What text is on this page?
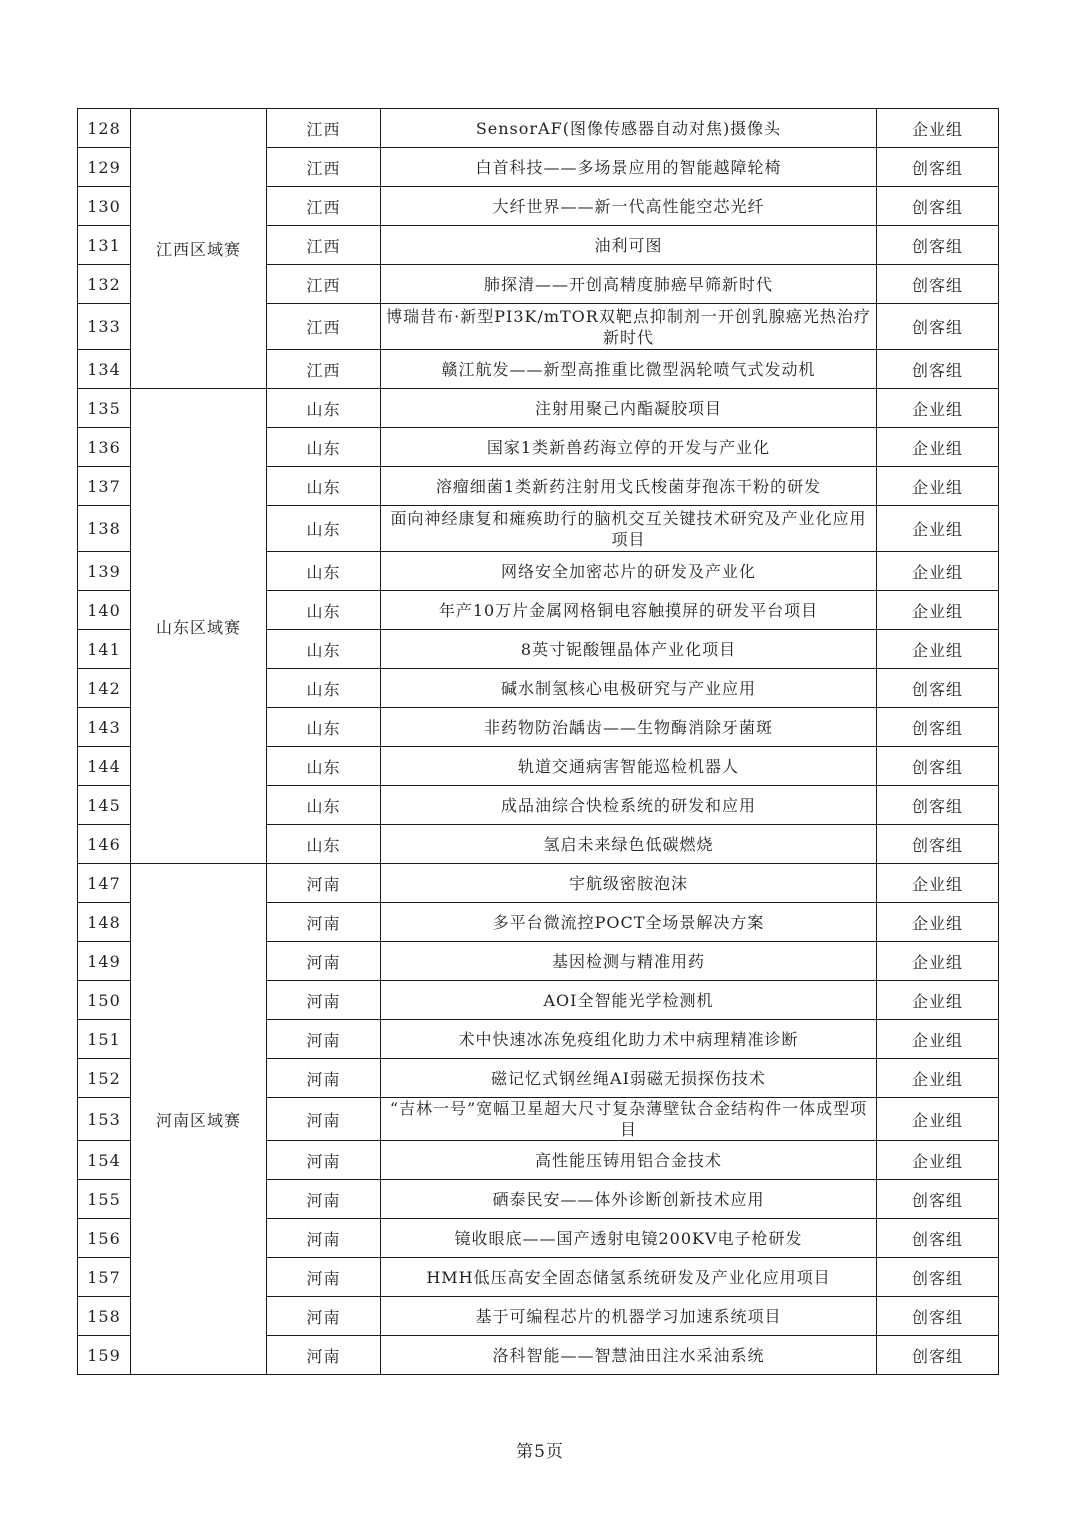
128	江西区域赛	江西	SensorAF(图像传感器自动对焦)摄像头	企业组
129		江西	白首科技——多场景应用的智能越障轮椅	创客组
130		江西	大纤世界——新一代高性能空芯光纤	创客组
131		江西	油利可图	创客组
132		江西	肺探清——开创高精度肺癌早筛新时代	创客组
133		江西	博瑞昔布·新型PI3K/mTOR双靶点抑制剂一开创乳腺癌光热治疗新时代	创客组
134		江西	赣江航发——新型高推重比微型涡轮喷气式发动机	创客组
135	山东区域赛	山东	注射用聚己内酯凝胶项目	企业组
136		山东	国家1类新兽药海立停的开发与产业化	企业组
137		山东	溶瘤细菌1类新药注射用戈氏梭菌芽孢冻干粉的研发	企业组
138		山东	面向神经康复和瘫痪助行的脑机交互关键技术研究及产业化应用项目	企业组
139		山东	网络安全加密芯片的研发及产业化	企业组
140		山东	年产10万片金属网格铜电容触摸屏的研发平台项目	企业组
141		山东	8英寸铌酸锂晶体产业化项目	企业组
142		山东	碱水制氢核心电极研究与产业应用	创客组
143		山东	非药物防治龋齿——生物酶消除牙菌斑	创客组
144		山东	轨道交通病害智能巡检机器人	创客组
145		山东	成品油综合快检系统的研发和应用	创客组
146		山东	氢启未来绿色低碳燃烧	创客组
147	河南区域赛	河南	宇航级密胺泡沫	企业组
148		河南	多平台微流控POCT全场景解决方案	企业组
149		河南	基因检测与精准用药	企业组
150		河南	AOI全智能光学检测机	企业组
151		河南	术中快速冰冻免疫组化助力术中病理精准诊断	企业组
152		河南	磁记忆式钢丝绳AI弱磁无损探伤技术	企业组
153		河南	“吉林一号”宽幅卫星超大尺寸复杂薄壁钛合金结构件一体成型项目	企业组
154		河南	高性能压铸用铝合金技术	企业组
155		河南	硒泰民安——体外诊断创新技术应用	创客组
156		河南	镜收眼底——国产透射电镜200KV电子枪研发	创客组
157		河南	HMH低压高安全固态储氢系统研发及产业化应用项目	创客组
158		河南	基于可编程芯片的机器学习加速系统项目	创客组
159		河南	洛科智能——智慧油田注水采油系统	创客组
第5页
